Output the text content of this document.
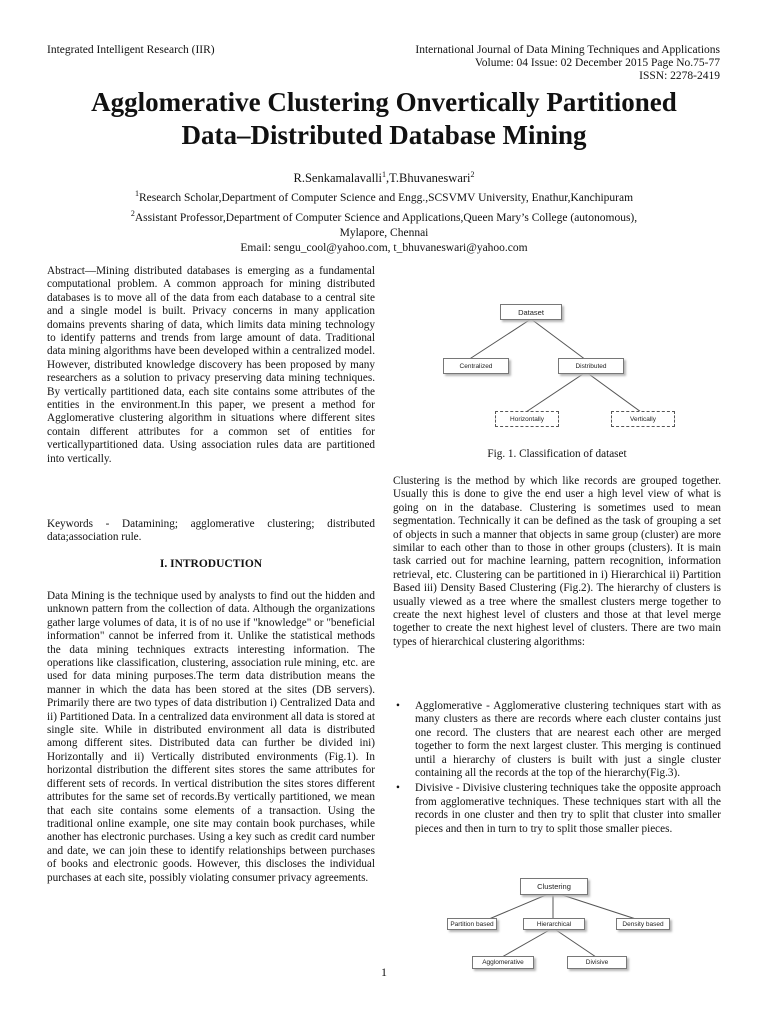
Integrated Intelligent Research (IIR)	International Journal of Data Mining Techniques and Applications
Volume: 04 Issue: 02 December 2015 Page No.75-77
ISSN: 2278-2419
Agglomerative Clustering Onvertically Partitioned
Data–Distributed Database Mining
R.Senkamalavalli$^1$,T.Bhuvaneswari$^2$
$^1$Research Scholar,Department of Computer Science and Engg.,SCSVMV University, Enathur,Kanchipuram
$^2$Assistant Professor,Department of Computer Science and Applications,Queen Mary’s College (autonomous),
Mylapore, Chennai
Email: sengu_cool@yahoo.com, t_bhuvaneswari@yahoo.com
Abstract—Mining distributed databases is emerging as a fundamental computational problem. A common approach for mining distributed databases is to move all of the data from each database to a central site and a single model is built. Privacy concerns in many application domains prevents sharing of data, which limits data mining technology to identify patterns and trends from large amount of data. Traditional data mining algorithms have been developed within a centralized model. However, distributed knowledge discovery has been proposed by many researchers as a solution to privacy preserving data mining techniques. By vertically partitioned data, each site contains some attributes of the entities in the environment.In this paper, we present a method for Agglomerative clustering algorithm in situations where different sites contain different attributes for a common set of entities for verticallypartitioned data. Using association rules data are partitioned into vertically.
Keywords - Datamining; agglomerative clustering; distributed data;association rule.
I. INTRODUCTION
Data Mining is the technique used by analysts to find out the hidden and unknown pattern from the collection of data. Although the organizations gather large volumes of data, it is of no use if "knowledge" or "beneficial information" cannot be inferred from it. Unlike the statistical methods the data mining techniques extracts interesting information. The operations like classification, clustering, association rule mining, etc. are used for data mining purposes.The term data distribution means the manner in which the data has been stored at the sites (DB servers). Primarily there are two types of data distribution i) Centralized Data and ii) Partitioned Data. In a centralized data environment all data is stored at single site. While in distributed environment all data is distributed among different sites. Distributed data can further be divided ini) Horizontally and ii) Vertically distributed environments (Fig.1). In horizontal distribution the different sites stores the same attributes for different sets of records. In vertical distribution the sites stores different attributes for the same set of records.By vertically partitioned, we mean that each site contains some elements of a transaction. Using the traditional online example, one site may contain book purchases, while another has electronic purchases. Using a key such as credit card number and date, we can join these to identify relationships between purchases of books and electronic goods. However, this discloses the individual purchases at each site, possibly violating consumer privacy agreements.
Dataset
Centralized	Distributed
Horizontally	Vertically
Fig. 1. Classification of dataset
Clustering is the method by which like records are grouped together. Usually this is done to give the end user a high level view of what is going on in the database. Clustering is sometimes used to mean segmentation. Technically it can be defined as the task of grouping a set of objects in such a manner that objects in same group (cluster) are more similar to each other than to those in other groups (clusters). It is main task carried out for machine learning, pattern recognition, information retrieval, etc. Clustering can be partitioned in i) Hierarchical ii) Partition Based iii) Density Based Clustering (Fig.2). The hierarchy of clusters is usually viewed as a tree where the smallest clusters merge together to create the next highest level of clusters and those at that level merge together to create the next highest level of clusters. There are two main types of hierarchical clustering algorithms:
• Agglomerative - Agglomerative clustering techniques start with as many clusters as there are records where each cluster contains just one record. The clusters that are nearest each other are merged together to form the next largest cluster. This merging is continued until a hierarchy of clusters is built with just a single cluster containing all the records at the top of the hierarchy(Fig.3).
• Divisive - Divisive clustering techniques take the opposite approach from agglomerative techniques. These techniques start with all the records in one cluster and then try to split that cluster into smaller pieces and then in turn to try to split those smaller pieces.
Clustering
Partition based	Hierarchical	Density based
Agglomerative	Divisive
1
